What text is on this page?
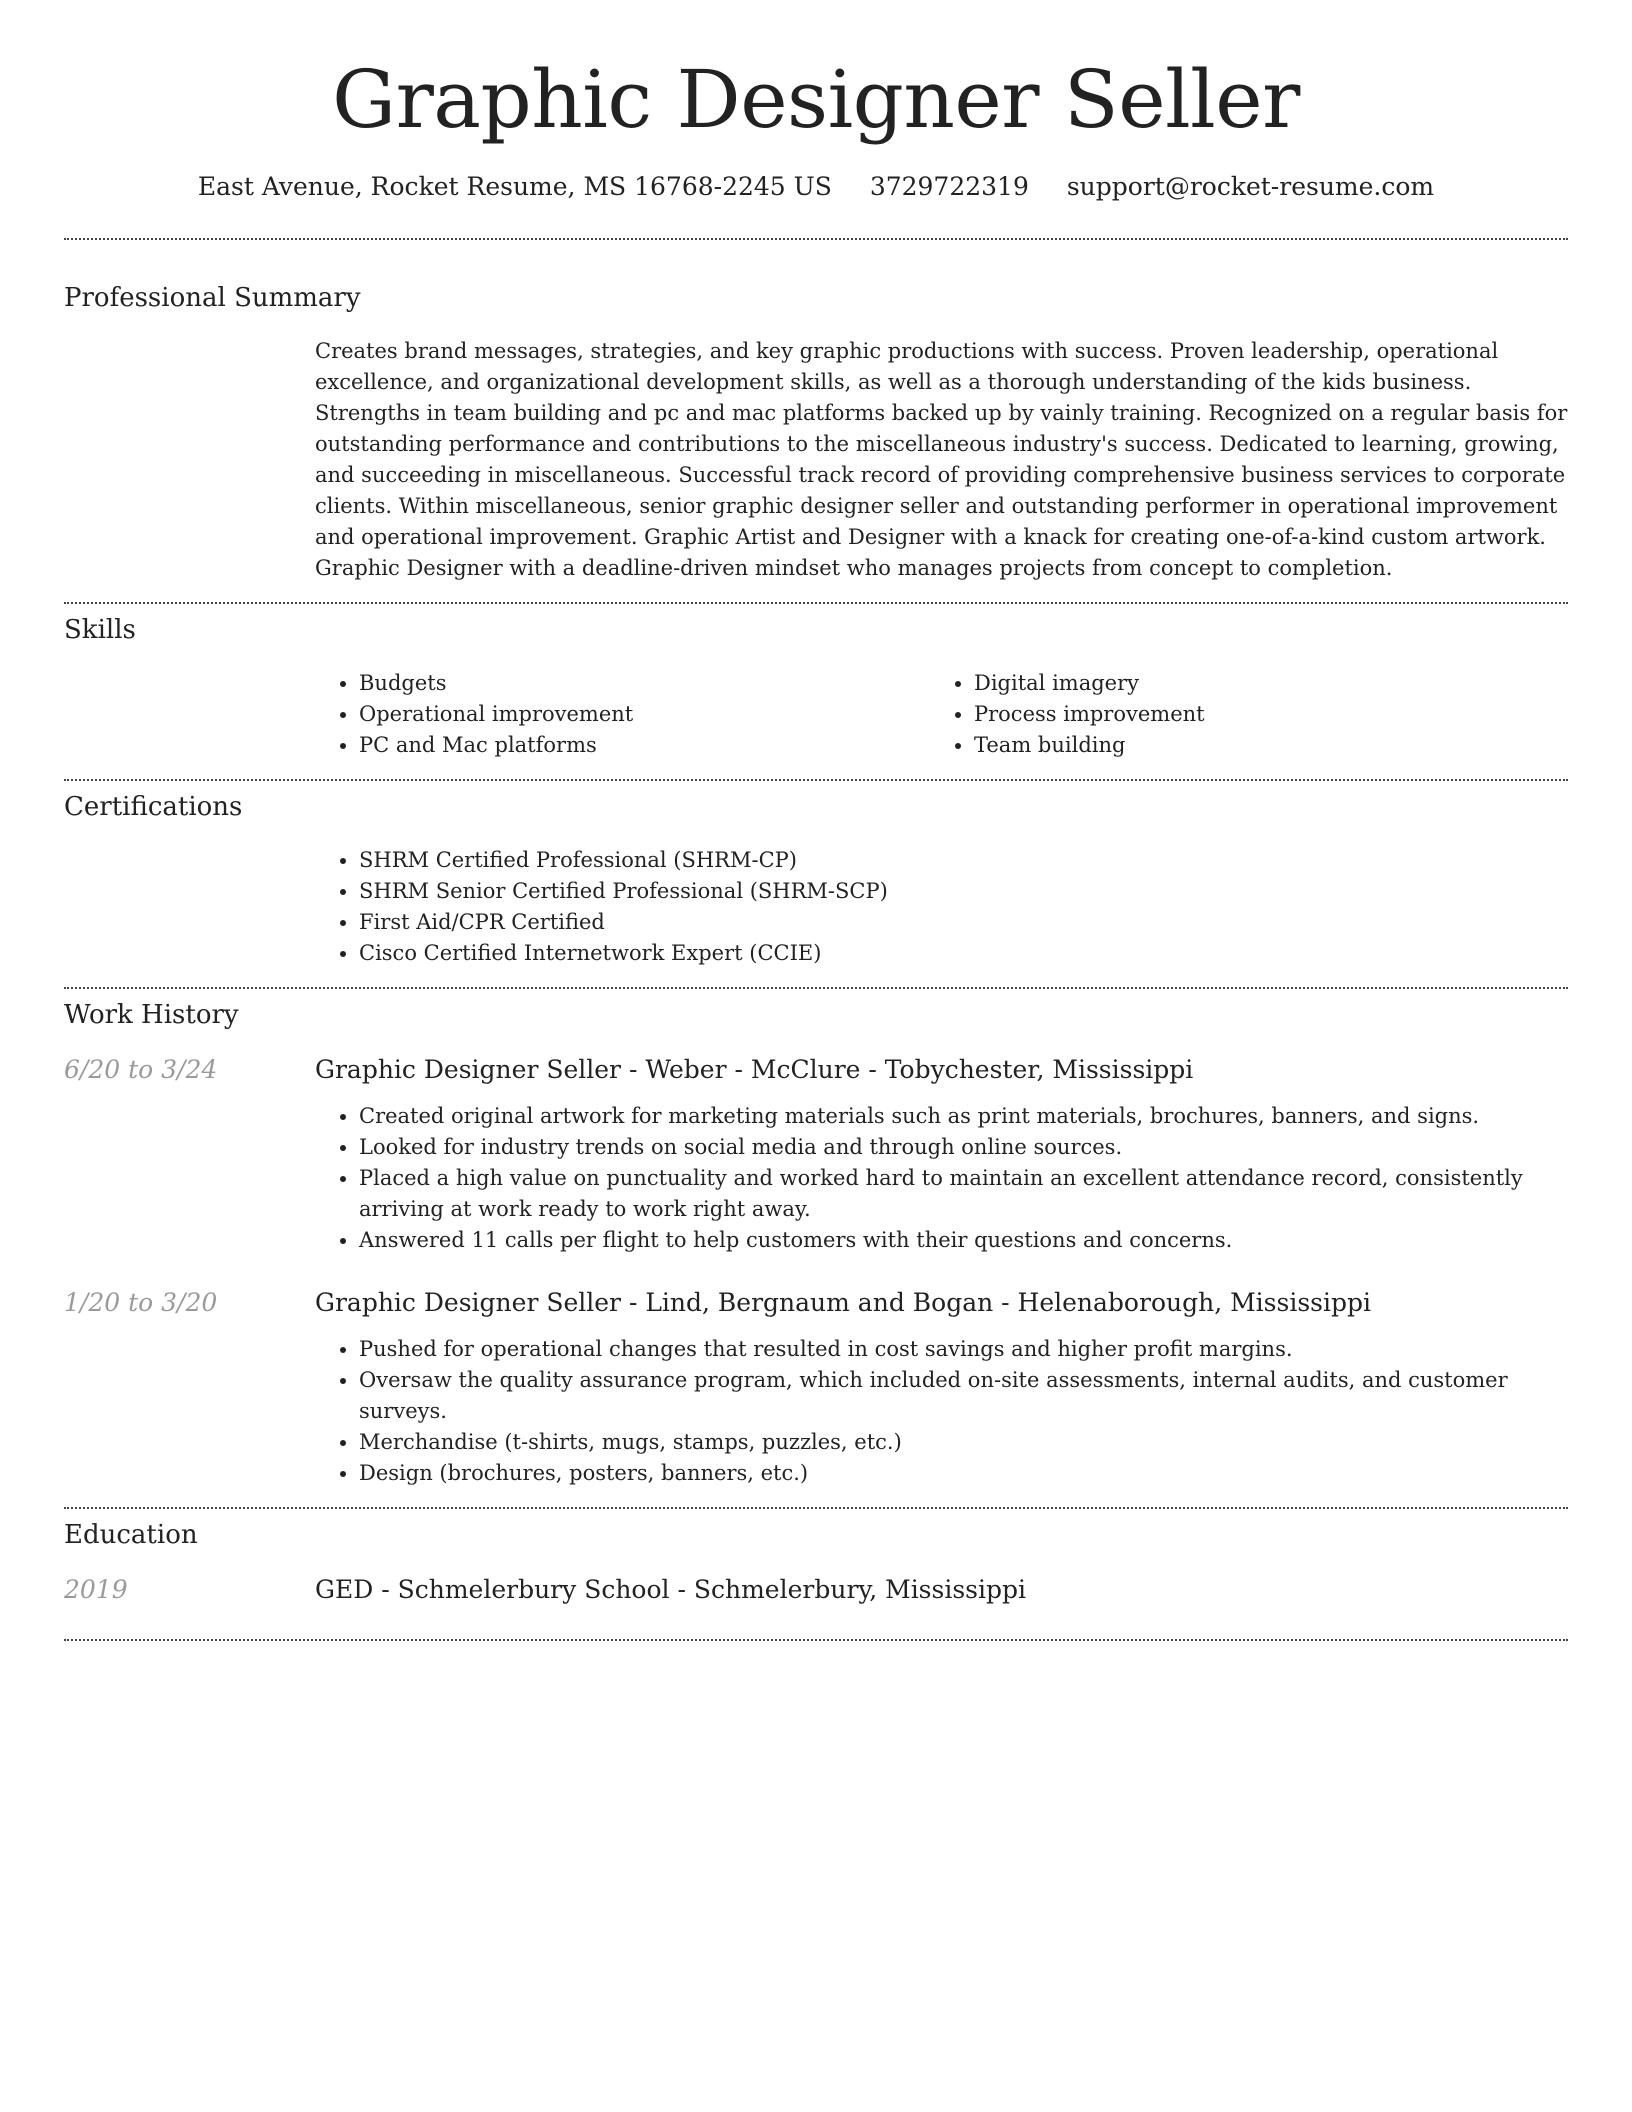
Graphic Designer Seller
East Avenue, Rocket Resume, MS 16768-2245 US 3729722319 support@rocket-resume.com
Professional Summary

Creates brand messages, strategies, and key graphic productions with success. Proven leadership, operational excellence, and organizational development skills, as well as a thorough understanding of the kids business. Strengths in team building and pc and mac platforms backed up by vainly training. Recognized on a regular basis for outstanding performance and contributions to the miscellaneous industry's success. Dedicated to learning, growing, and succeeding in miscellaneous. Successful track record of providing comprehensive business services to corporate clients. Within miscellaneous, senior graphic designer seller and outstanding performer in operational improvement and operational improvement. Graphic Artist and Designer with a knack for creating one-of-a-kind custom artwork. Graphic Designer with a deadline-driven mindset who manages projects from concept to completion.

Skills
• Budgets
• Operational improvement
• PC and Mac platforms
• Digital imagery
• Process improvement
• Team building
Certifications
• SHRM Certified Professional (SHRM-CP)
• SHRM Senior Certified Professional (SHRM-SCP)
• First Aid/CPR Certified
• Cisco Certified Internetwork Expert (CCIE)
Work History
6/20 to 3/24	Graphic Designer Seller - Weber - McClure - Tobychester, Mississippi
• Created original artwork for marketing materials such as print materials, brochures, banners, and signs.
• Looked for industry trends on social media and through online sources.
• Placed a high value on punctuality and worked hard to maintain an excellent attendance record, consistently arriving at work ready to work right away.
• Answered 11 calls per flight to help customers with their questions and concerns.
1/20 to 3/20	Graphic Designer Seller - Lind, Bergnaum and Bogan - Helenaborough, Mississippi
• Pushed for operational changes that resulted in cost savings and higher profit margins.
• Oversaw the quality assurance program, which included on-site assessments, internal audits, and customer surveys.
• Merchandise (t-shirts, mugs, stamps, puzzles, etc.)
• Design (brochures, posters, banners, etc.)
Education
2019	GED - Schmelerbury School - Schmelerbury, Mississippi
